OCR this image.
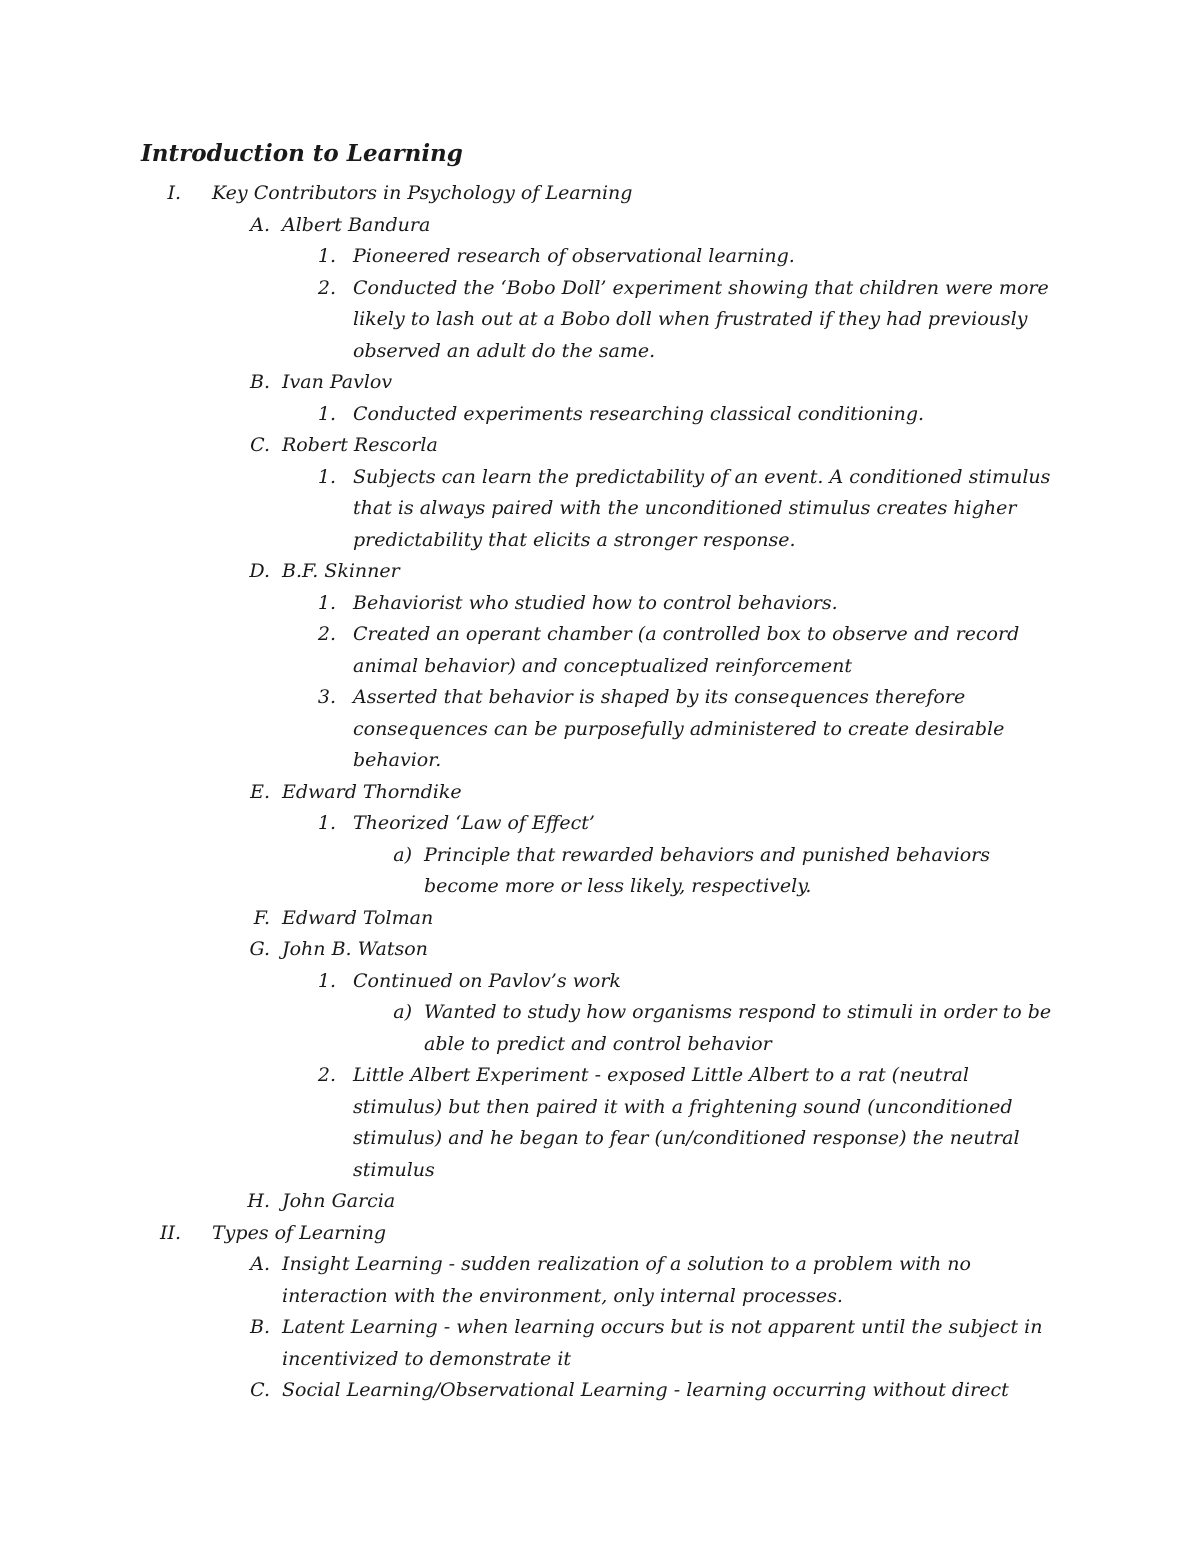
Introduction to Learning
I. Key Contributors in Psychology of Learning
A. Albert Bandura
1. Pioneered research of observational learning.
2. Conducted the ‘Bobo Doll’ experiment showing that children were more
likely to lash out at a Bobo doll when frustrated if they had previously
observed an adult do the same.
B. Ivan Pavlov
1. Conducted experiments researching classical conditioning.
C. Robert Rescorla
1. Subjects can learn the predictability of an event. A conditioned stimulus
that is always paired with the unconditioned stimulus creates higher
predictability that elicits a stronger response.
D. B.F. Skinner
1. Behaviorist who studied how to control behaviors.
2. Created an operant chamber (a controlled box to observe and record
animal behavior) and conceptualized reinforcement
3. Asserted that behavior is shaped by its consequences therefore
consequences can be purposefully administered to create desirable
behavior.
E. Edward Thorndike
1. Theorized ‘Law of Effect’
a) Principle that rewarded behaviors and punished behaviors
become more or less likely, respectively.
F. Edward Tolman
G. John B. Watson
1. Continued on Pavlov’s work
a) Wanted to study how organisms respond to stimuli in order to be
able to predict and control behavior
2. Little Albert Experiment - exposed Little Albert to a rat (neutral
stimulus) but then paired it with a frightening sound (unconditioned
stimulus) and he began to fear (un/conditioned response) the neutral
stimulus
H. John Garcia
II. Types of Learning
A. Insight Learning - sudden realization of a solution to a problem with no
interaction with the environment, only internal processes.
B. Latent Learning - when learning occurs but is not apparent until the subject in
incentivized to demonstrate it
C. Social Learning/Observational Learning - learning occurring without direct
